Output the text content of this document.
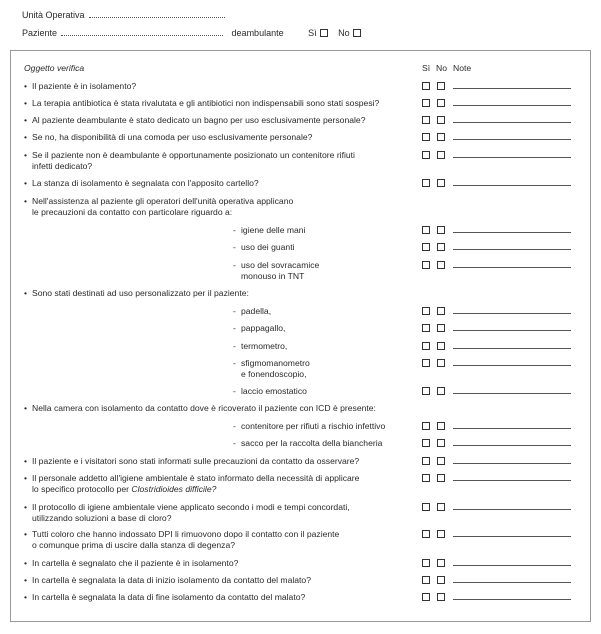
Unità Operativa
Paziente	deambulante	Sì No
Oggetto verifica	Sì No Note
• Il paziente è in isolamento?
• La terapia antibiotica è stata rivalutata e gli antibiotici non indispensabili sono stati sospesi?
• Al paziente deambulante è stato dedicato un bagno per uso esclusivamente personale?
• Se no, ha disponibilità di una comoda per uso esclusivamente personale?
• Se il paziente non è deambulante è opportunamente posizionato un contenitore rifiuti
infetti dedicato?
• La stanza di isolamento è segnalata con l'apposito cartello?
• Nell'assistenza al paziente gli operatori dell'unità operativa applicano
le precauzioni da contatto con particolare riguardo a:
- igiene delle mani
- uso dei guanti
- uso del sovracamice
monouso in TNT
• Sono stati destinati ad uso personalizzato per il paziente:
- padella,
- pappagallo,
- termometro,
- sfigmomanometro
e fonendoscopio,
- laccio emostatico
• Nella camera con isolamento da contatto dove è ricoverato il paziente con ICD è presente:
- contenitore per rifiuti a rischio infettivo
- sacco per la raccolta della biancheria
• Il paziente e i visitatori sono stati informati sulle precauzioni da contatto da osservare?
• Il personale addetto all'igiene ambientale è stato informato della necessità di applicare
lo specifico protocollo per Clostridioides difficile?
• Il protocollo di igiene ambientale viene applicato secondo i modi e tempi concordati,
utilizzando soluzioni a base di cloro?
• Tutti coloro che hanno indossato DPI li rimuovono dopo il contatto con il paziente
o comunque prima di uscire dalla stanza di degenza?
• In cartella è segnalato che il paziente è in isolamento?
• In cartella è segnalata la data di inizio isolamento da contatto del malato?
• In cartella è segnalata la data di fine isolamento da contatto del malato?
